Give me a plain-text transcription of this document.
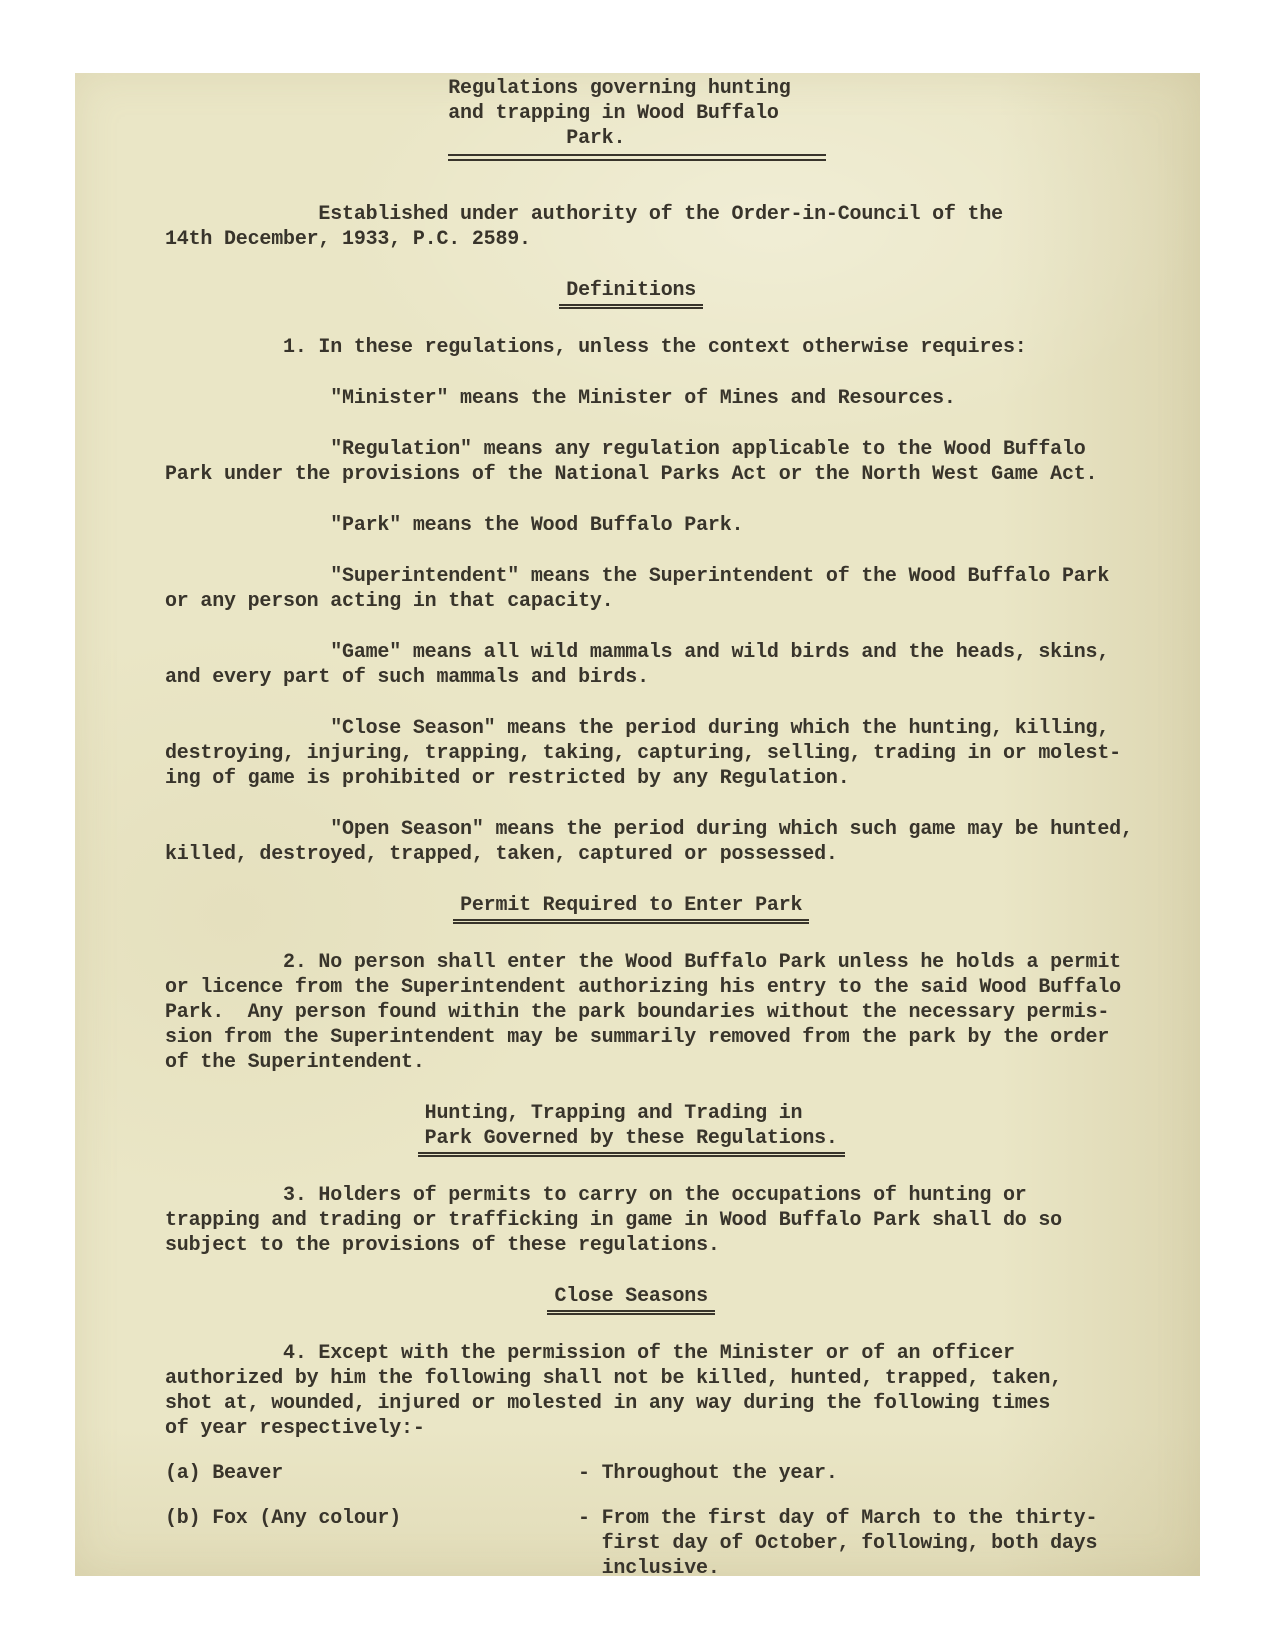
Regulations governing hunting
and trapping in Wood Buffalo
Park.
Established under authority of the Order-in-Council of the
14th December, 1933, P.C. 2589.
Definitions
1. In these regulations, unless the context otherwise requires:
"Minister" means the Minister of Mines and Resources.
"Regulation" means any regulation applicable to the Wood Buffalo
Park under the provisions of the National Parks Act or the North West Game Act.
"Park" means the Wood Buffalo Park.
"Superintendent" means the Superintendent of the Wood Buffalo Park
or any person acting in that capacity.
"Game" means all wild mammals and wild birds and the heads, skins,
and every part of such mammals and birds.
"Close Season" means the period during which the hunting, killing,
destroying, injuring, trapping, taking, capturing, selling, trading in or molest-
ing of game is prohibited or restricted by any Regulation.
"Open Season" means the period during which such game may be hunted,
killed, destroyed, trapped, taken, captured or possessed.
Permit Required to Enter Park
2. No person shall enter the Wood Buffalo Park unless he holds a permit
or licence from the Superintendent authorizing his entry to the said Wood Buffalo
Park.  Any person found within the park boundaries without the necessary permis-
sion from the Superintendent may be summarily removed from the park by the order
of the Superintendent.
Hunting, Trapping and Trading in
Park Governed by these Regulations.
3. Holders of permits to carry on the occupations of hunting or
trapping and trading or trafficking in game in Wood Buffalo Park shall do so
subject to the provisions of these regulations.
Close Seasons
4. Except with the permission of the Minister or of an officer
authorized by him the following shall not be killed, hunted, trapped, taken,
shot at, wounded, injured or molested in any way during the following times
of year respectively:-
(a) Beaver	- Throughout the year.
(b) Fox (Any colour)	- From the first day of March to the thirty-
first day of October, following, both days
inclusive.
